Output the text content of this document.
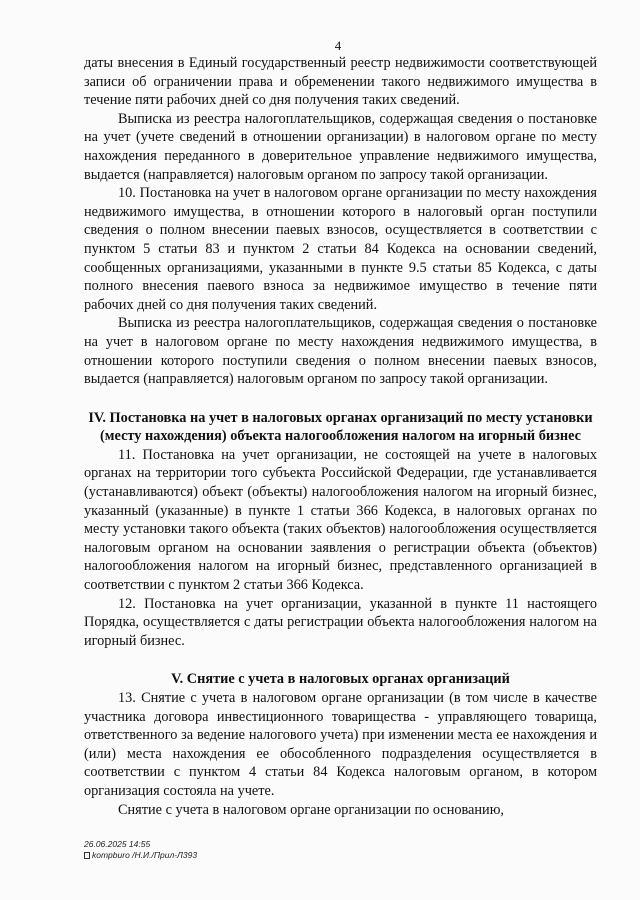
4

даты внесения в Единый государственный реестр недвижимости соответствующей записи об ограничении права и обременении такого недвижимого имущества в течение пяти рабочих дней со дня получения таких сведений.

Выписка из реестра налогоплательщиков, содержащая сведения о постановке на учет (учете сведений в отношении организации) в налоговом органе по месту нахождения переданного в доверительное управление недвижимого имущества, выдается (направляется) налоговым органом по запросу такой организации.

10. Постановка на учет в налоговом органе организации по месту нахождения недвижимого имущества, в отношении которого в налоговый орган поступили сведения о полном внесении паевых взносов, осуществляется в соответствии с пунктом 5 статьи 83 и пунктом 2 статьи 84 Кодекса на основании сведений, сообщенных организациями, указанными в пункте 9.5 статьи 85 Кодекса, с даты полного внесения паевого взноса за недвижимое имущество в течение пяти рабочих дней со дня получения таких сведений.

Выписка из реестра налогоплательщиков, содержащая сведения о постановке на учет в налоговом органе по месту нахождения недвижимого имущества, в отношении которого поступили сведения о полном внесении паевых взносов, выдается (направляется) налоговым органом по запросу такой организации.

IV. Постановка на учет в налоговых органах организаций по месту установки (месту нахождения) объекта налогообложения налогом на игорный бизнес

11. Постановка на учет организации, не состоящей на учете в налоговых органах на территории того субъекта Российской Федерации, где устанавливается (устанавливаются) объект (объекты) налогообложения налогом на игорный бизнес, указанный (указанные) в пункте 1 статьи 366 Кодекса, в налоговых органах по месту установки такого объекта (таких объектов) налогообложения осуществляется налоговым органом на основании заявления о регистрации объекта (объектов) налогообложения налогом на игорный бизнес, представленного организацией в соответствии с пунктом 2 статьи 366 Кодекса.

12. Постановка на учет организации, указанной в пункте 11 настоящего Порядка, осуществляется с даты регистрации объекта налогообложения налогом на игорный бизнес.

V. Снятие с учета в налоговых органах организаций

13. Снятие с учета в налоговом органе организации (в том числе в качестве участника договора инвестиционного товарищества - управляющего товарища, ответственного за ведение налогового учета) при изменении места ее нахождения и (или) места нахождения ее обособленного подразделения осуществляется в соответствии с пунктом 4 статьи 84 Кодекса налоговым органом, в котором организация состояла на учете.

Снятие с учета в налоговом органе организации по основанию,

26.06.2025 14:55
kompburo /Н.И./Прил-Л393
